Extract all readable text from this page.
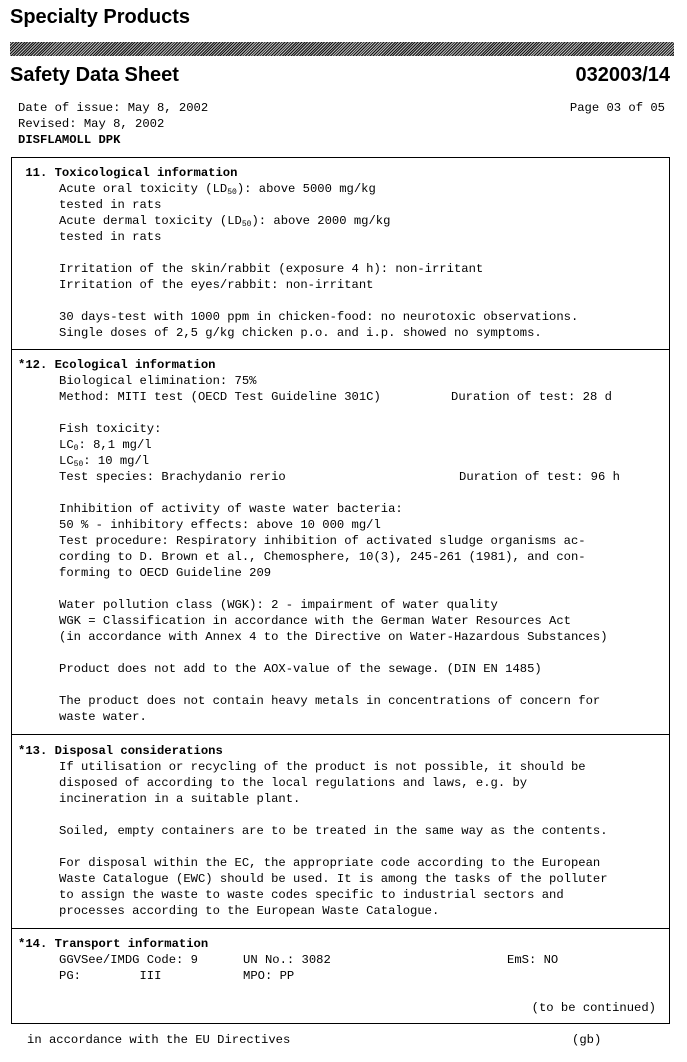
Specialty Products
Safety Data Sheet	032003/14
Date of issue: May 8, 2002	Page 03 of 05
Revised: May 8, 2002
DISFLAMOLL DPK
11. Toxicological information
Acute oral toxicity $(LD_{50})$: above 5000 mg/kg
tested in rats
Acute dermal toxicity $(LD_{50})$: above 2000 mg/kg
tested in rats
Irritation of the skin/rabbit (exposure 4 h): non-irritant
Irritation of the eyes/rabbit: non-irritant
30 days-test with 1000 ppm in chicken-food: no neurotoxic observations.
Single doses of 2,5 g/kg chicken p.o. and i.p. showed no symptoms.
*12. Ecological information
Biological elimination: 75%
Method: MITI test (OECD Test Guideline 301C)	Duration of test: 28 d
Fish toxicity:
$LC_0$: 8,1 mg/l
$LC_{50}$: 10 mg/l
Test species: Brachydanio rerio	Duration of test: 96 h
Inhibition of activity of waste water bacteria:
50 % - inhibitory effects: above 10 000 mg/l
Test procedure: Respiratory inhibition of activated sludge organisms ac-
cording to D. Brown et al., Chemosphere, 10(3), 245-261 (1981), and con-
forming to OECD Guideline 209
Water pollution class (WGK): 2 - impairment of water quality
WGK = Classification in accordance with the German Water Resources Act
(in accordance with Annex 4 to the Directive on Water-Hazardous Substances)
Product does not add to the AOX-value of the sewage. (DIN EN 1485)
The product does not contain heavy metals in concentrations of concern for
waste water.
*13. Disposal considerations
If utilisation or recycling of the product is not possible, it should be
disposed of according to the local regulations and laws, e.g. by
incineration in a suitable plant.
Soiled, empty containers are to be treated in the same way as the contents.
For disposal within the EC, the appropriate code according to the European
Waste Catalogue (EWC) should be used. It is among the tasks of the polluter
to assign the waste to waste codes specific to industrial sectors and
processes according to the European Waste Catalogue.
*14. Transport information
GGVSee/IMDG Code: 9	UN No.: 3082	EmS: NO
PG:        III	MPO: PP
(to be continued)
in accordance with the EU Directives	(gb)
